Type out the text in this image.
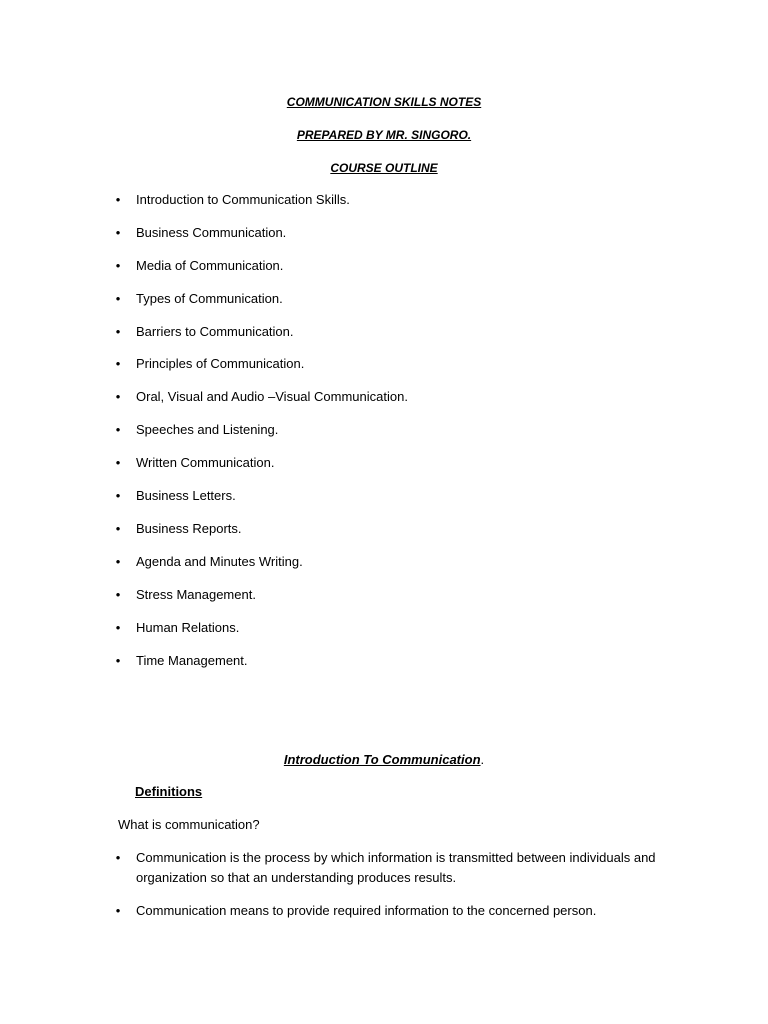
COMMUNICATION SKILLS NOTES
PREPARED BY MR. SINGORO.
COURSE OUTLINE
• Introduction to Communication Skills.
• Business Communication.
• Media of Communication.
• Types of Communication.
• Barriers to Communication.
• Principles of Communication.
• Oral, Visual and Audio –Visual Communication.
• Speeches and Listening.
• Written Communication.
• Business Letters.
• Business Reports.
• Agenda and Minutes Writing.
• Stress Management.
• Human Relations.
• Time Management.
Introduction To Communication.
Definitions
What is communication?
• Communication is the process by which information is transmitted between individuals and organization so that an understanding produces results.
• Communication means to provide required information to the concerned person.
